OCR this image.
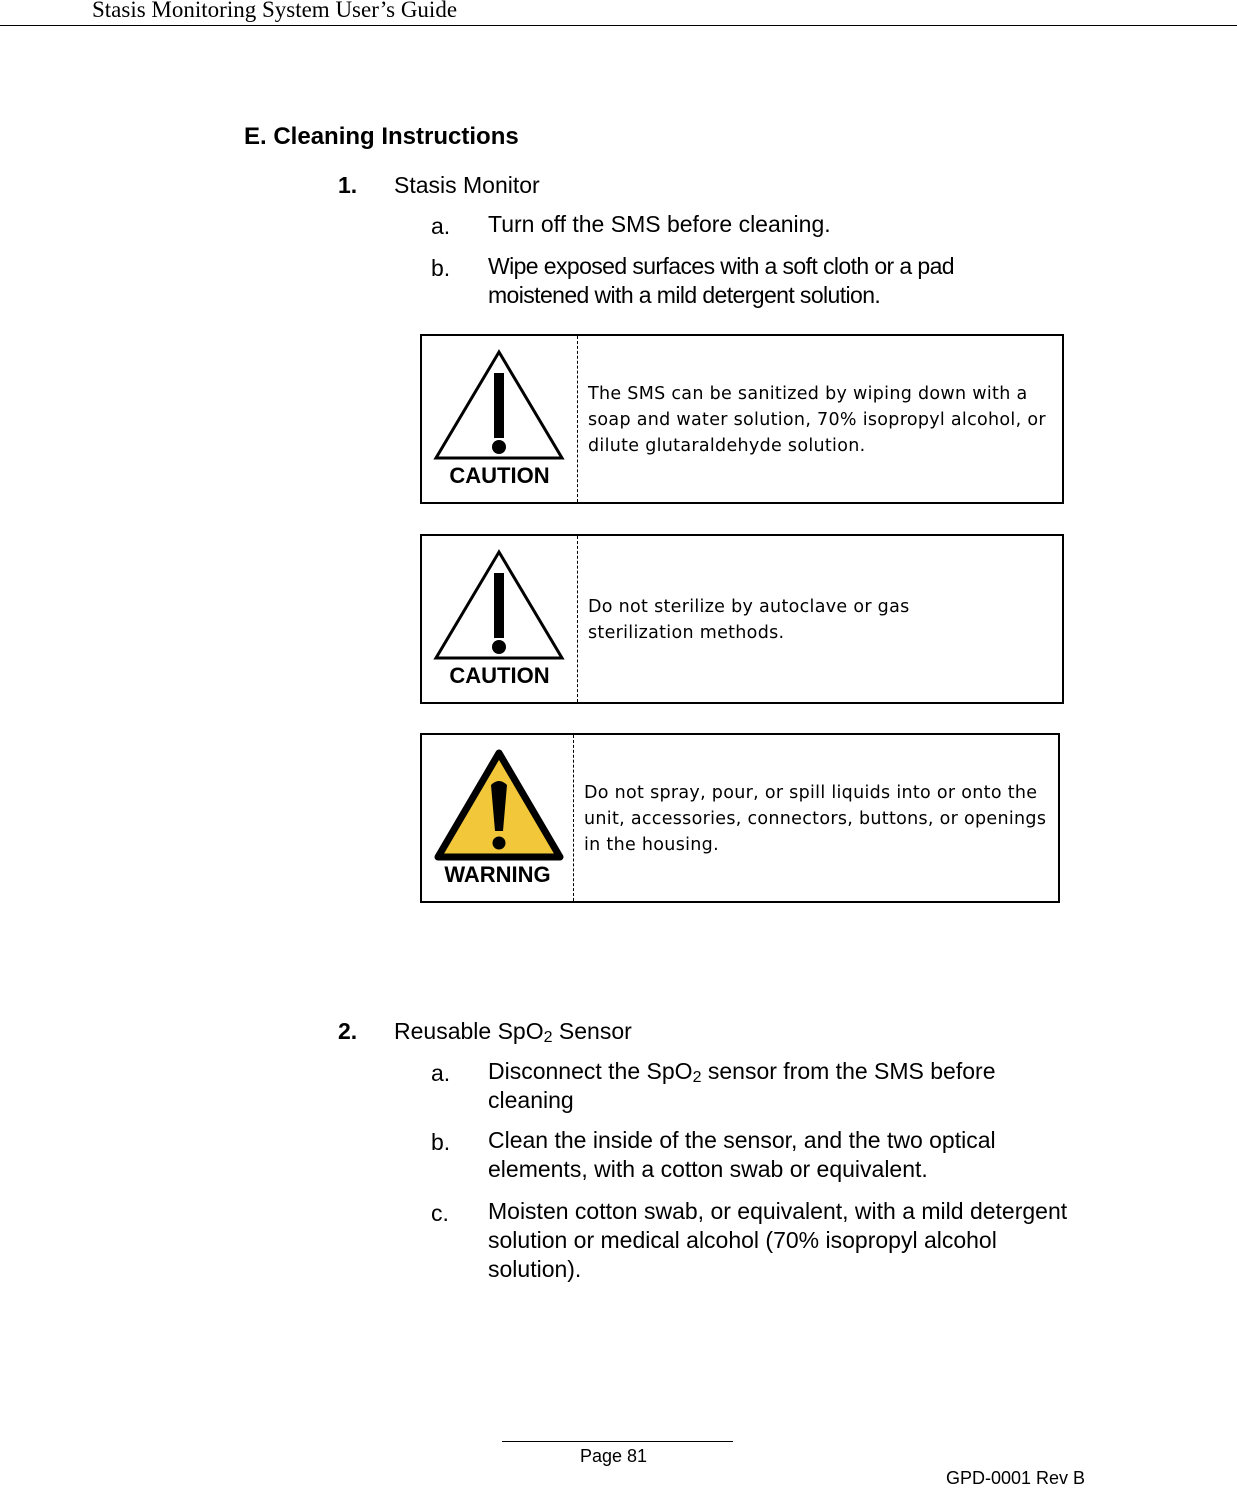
Stasis Monitoring System User’s Guide
E. Cleaning Instructions
1. Stasis Monitor
a. Turn off the SMS before cleaning.
b. Wipe exposed surfaces with a soft cloth or a pad moistened with a mild detergent solution.
CAUTION
The SMS can be sanitized by wiping down with a soap and water solution, 70% isopropyl alcohol, or dilute glutaraldehyde solution.
CAUTION
Do not sterilize by autoclave or gas sterilization methods.
WARNING
Do not spray, pour, or spill liquids into or onto the unit, accessories, connectors, buttons, or openings in the housing.
2. Reusable SpO$_2$ Sensor
a. Disconnect the SpO$_2$ sensor from the SMS before cleaning
b. Clean the inside of the sensor, and the two optical elements, with a cotton swab or equivalent.
c. Moisten cotton swab, or equivalent, with a mild detergent solution or medical alcohol (70% isopropyl alcohol solution).
Page 81
GPD-0001 Rev B
